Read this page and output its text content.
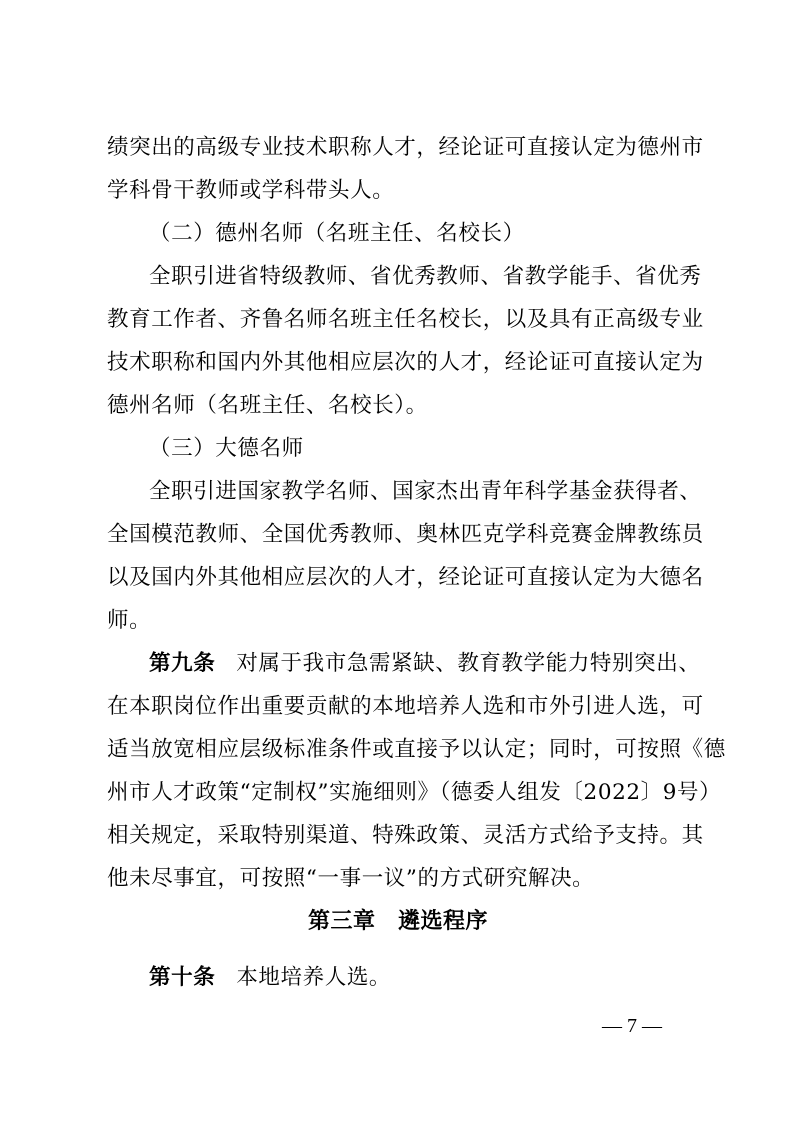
绩突出的高级专业技术职称人才，经论证可直接认定为德州市
学科骨干教师或学科带头人。
（二）德州名师（名班主任、名校长）
全职引进省特级教师、省优秀教师、省教学能手、省优秀
教育工作者、齐鲁名师名班主任名校长，以及具有正高级专业
技术职称和国内外其他相应层次的人才，经论证可直接认定为
德州名师（名班主任、名校长）。
（三）大德名师
全职引进国家教学名师、国家杰出青年科学基金获得者、
全国模范教师、全国优秀教师、奥林匹克学科竞赛金牌教练员
以及国内外其他相应层次的人才，经论证可直接认定为大德名
师。
第九条 对属于我市急需紧缺、教育教学能力特别突出、
在本职岗位作出重要贡献的本地培养人选和市外引进人选，可
适当放宽相应层级标准条件或直接予以认定；同时，可按照《德
州市人才政策“定制权”实施细则》（德委人组发〔2022〕9号）
相关规定，采取特别渠道、特殊政策、灵活方式给予支持。其
他未尽事宜，可按照“一事一议”的方式研究解决。
第三章　遴选程序
第十条 本地培养人选。
— 7 —
